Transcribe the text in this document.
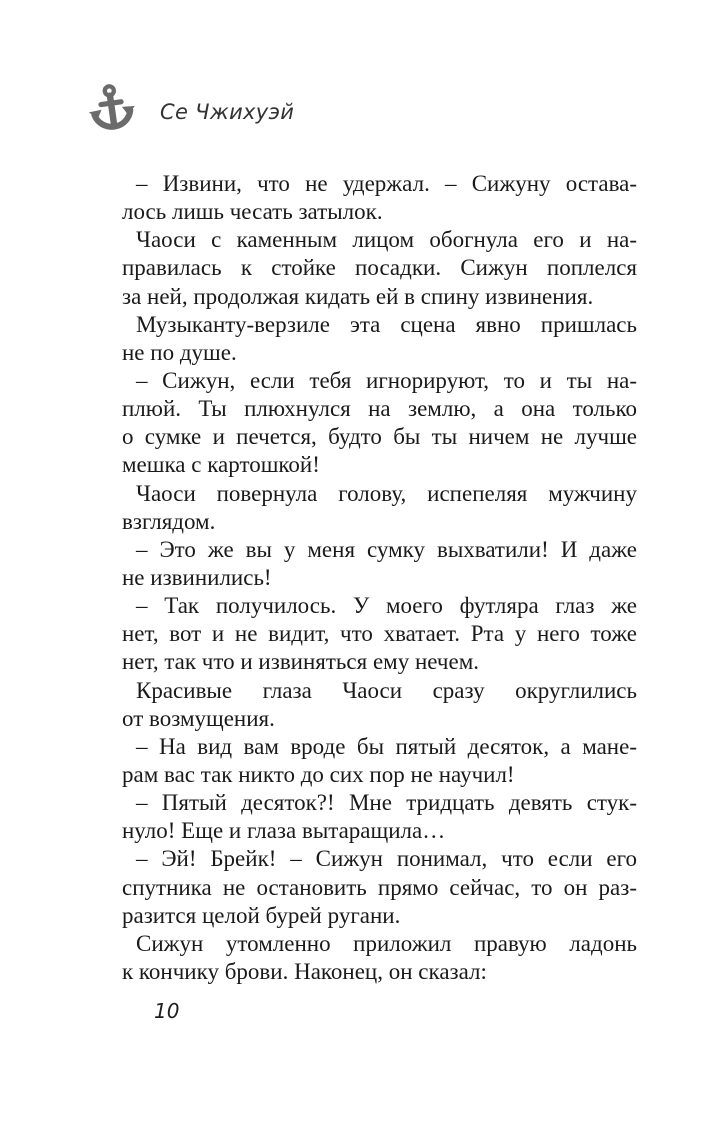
Се Чжихуэй
– Извини, что не удержал. – Сижуну остава-
лось лишь чесать затылок.
Чаоси с каменным лицом обогнула его и на-
правилась к стойке посадки. Сижун поплелся
за ней, продолжая кидать ей в спину извинения.
Музыканту-верзиле эта сцена явно пришлась
не по душе.
– Сижун, если тебя игнорируют, то и ты на-
плюй. Ты плюхнулся на землю, а она только
о сумке и печется, будто бы ты ничем не лучше
мешка с картошкой!
Чаоси повернула голову, испепеляя мужчину
взглядом.
– Это же вы у меня сумку выхватили! И даже
не извинились!
– Так получилось. У моего футляра глаз же
нет, вот и не видит, что хватает. Рта у него тоже
нет, так что и извиняться ему нечем.
Красивые глаза Чаоси сразу округлились
от возмущения.
– На вид вам вроде бы пятый десяток, а мане-
рам вас так никто до сих пор не научил!
– Пятый десяток?! Мне тридцать девять стук-
нуло! Еще и глаза вытаращила…
– Эй! Брейк! – Сижун понимал, что если его
спутника не остановить прямо сейчас, то он раз-
разится целой бурей ругани.
Сижун утомленно приложил правую ладонь
к кончику брови. Наконец, он сказал:
10
